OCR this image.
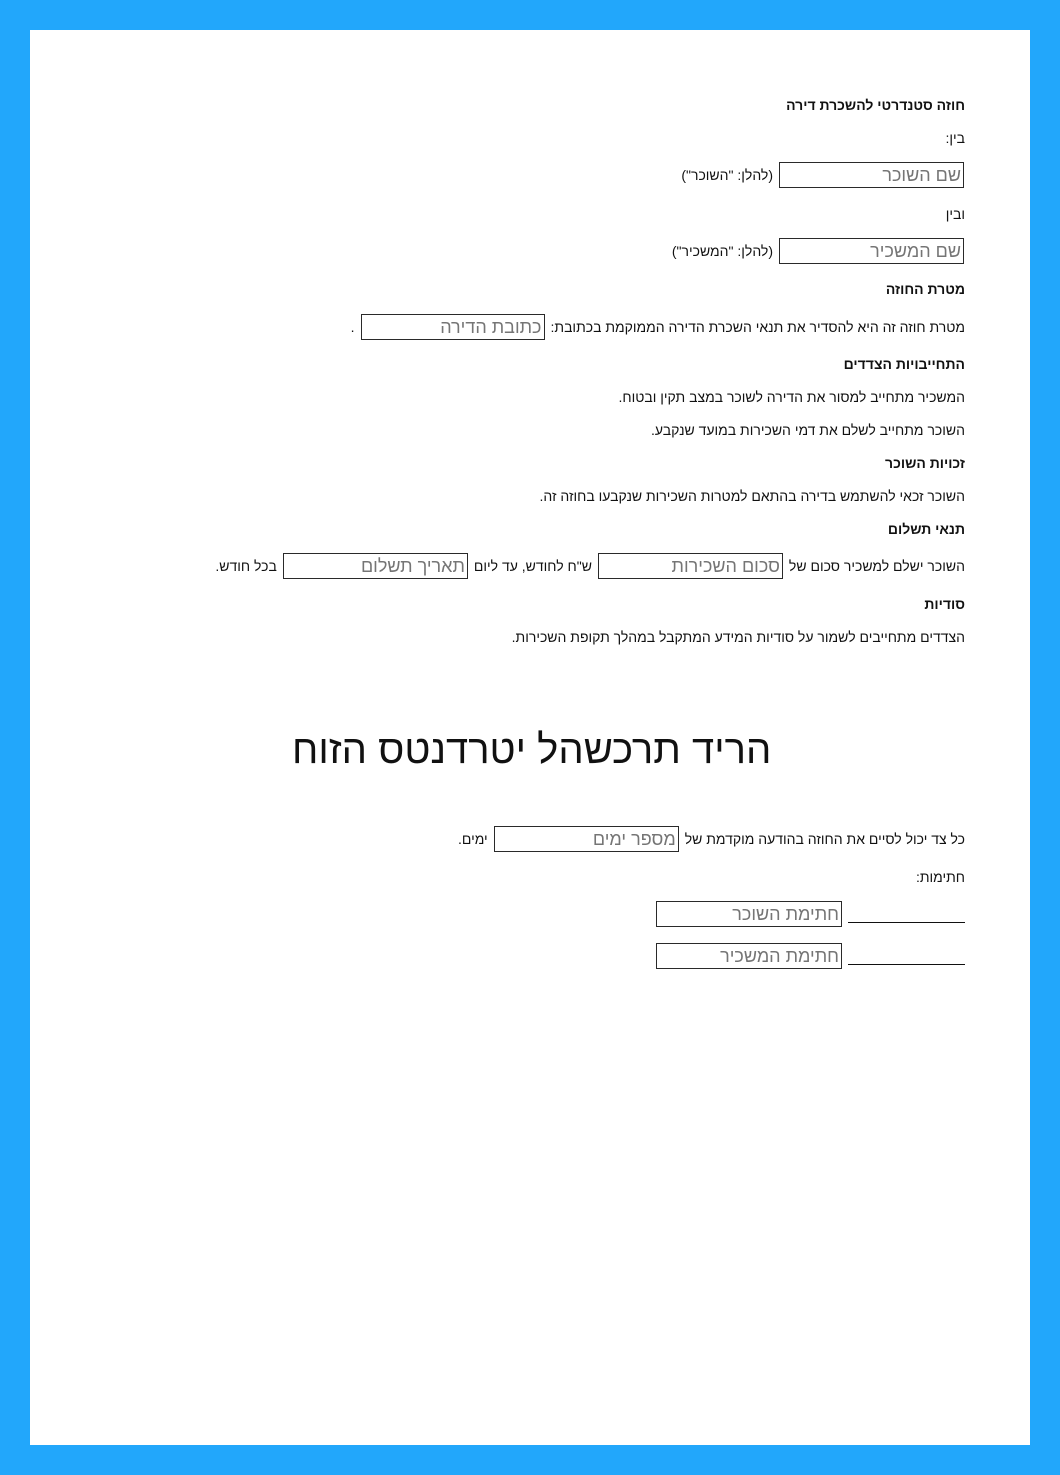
חוזה סטנדרטי להשכרת דירה
בין:
שם השוכר
(להלן: "השוכר")
ובין
שם המשכיר
(להלן: "המשכיר")
מטרת החוזה
מטרת חוזה זה היא להסדיר את תנאי השכרת הדירה הממוקמת בכתובת:
כתובת הדירה
.
התחייבויות הצדדים
המשכיר מתחייב למסור את הדירה לשוכר במצב תקין ובטוח.
השוכר מתחייב לשלם את דמי השכירות במועד שנקבע.
זכויות השוכר
השוכר זכאי להשתמש בדירה בהתאם למטרות השכירות שנקבעו בחוזה זה.
תנאי תשלום
השוכר ישלם למשכיר סכום של
סכום השכירות
ש"ח לחודש, עד ליום
תאריך תשלום
בכל חודש.
סודיות
הצדדים מתחייבים לשמור על סודיות המידע המתקבל במהלך תקופת השכירות.
הריד תרכשהל יטרדנטס הזוח
כל צד יכול לסיים את החוזה בהודעה מוקדמת של
מספר ימים
ימים.
חתימות:
חתימת השוכר
חתימת המשכיר
